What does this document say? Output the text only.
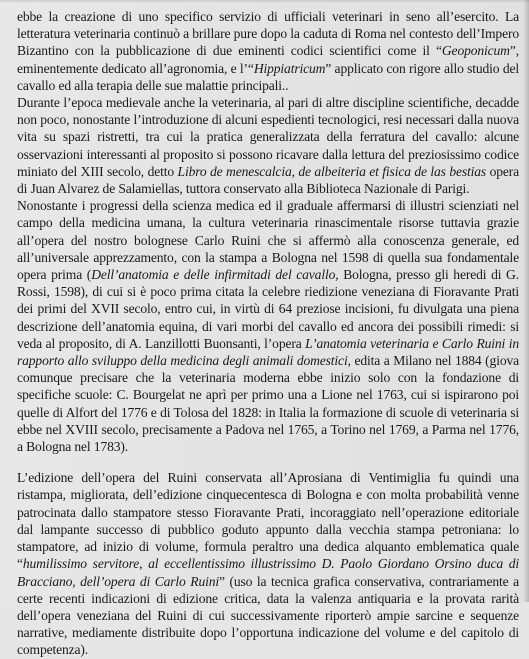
ebbe la creazione di uno specifico servizio di ufficiali veterinari in seno all’esercito. La letteratura veterinaria continuò a brillare pure dopo la caduta di Roma nel contesto dell’Impero Bizantino con la pubblicazione di due eminenti codici scientifici come il “Geoponicum”, eminentemente dedicato all’agronomia, e l’“Hippiatricum” applicato con rigore allo studio del cavallo ed alla terapia delle sue malattie principali..

Durante l’epoca medievale anche la veterinaria, al pari di altre discipline scientifiche, decadde non poco, nonostante l’introduzione di alcuni espedienti tecnologici, resi necessari dalla nuova vita su spazi ristretti, tra cui la pratica generalizzata della ferratura del cavallo: alcune osservazioni interessanti al proposito si possono ricavare dalla lettura del preziosissimo codice miniato del XIII secolo, detto Libro de menescalcia, de albeiteria et fisica de las bestias opera di Juan Alvarez de Salamiellas, tuttora conservato alla Biblioteca Nazionale di Parigi.

Nonostante i progressi della scienza medica ed il graduale affermarsi di illustri scienziati nel campo della medicina umana, la cultura veterinaria rinascimentale risorse tuttavia grazie all’opera del nostro bolognese Carlo Ruini che si affermò alla conoscenza generale, ed all’universale apprezzamento, con la stampa a Bologna nel 1598 di quella sua fondamentale opera prima (Dell’anatomia e delle infirmitadi del cavallo, Bologna, presso gli heredi di G. Rossi, 1598), di cui si è poco prima citata la celebre riedizione veneziana di Fioravante Prati dei primi del XVII secolo, entro cui, in virtù di 64 preziose incisioni, fu divulgata una piena descrizione dell’anatomia equina, di vari morbi del cavallo ed ancora dei possibili rimedi: si veda al proposito, di A. Lanzillotti Buonsanti, l’opera L’anatomia veterinaria e Carlo Ruini in rapporto allo sviluppo della medicina degli animali domestici, edita a Milano nel 1884 (giova comunque precisare che la veterinaria moderna ebbe inizio solo con la fondazione di specifiche scuole: C. Bourgelat ne aprì per primo una a Lione nel 1763, cui si ispirarono poi quelle di Alfort del 1776 e di Tolosa del 1828: in Italia la formazione di scuole di veterinaria si ebbe nel XVIII secolo, precisamente a Padova nel 1765, a Torino nel 1769, a Parma nel 1776, a Bologna nel 1783).

L’edizione dell’opera del Ruini conservata all’Aprosiana di Ventimiglia fu quindi una ristampa, migliorata, dell’edizione cinquecentesca di Bologna e con molta probabilità venne patrocinata dallo stampatore stesso Fioravante Prati, incoraggiato nell’operazione editoriale dal lampante successo di pubblico goduto appunto dalla vecchia stampa petroniana: lo stampatore, ad inizio di volume, formula peraltro una dedica alquanto emblematica quale “humilissimo servitore, al eccellentissimo illustrissimo D. Paolo Giordano Orsino duca di Bracciano, dell’opera di Carlo Ruini” (uso la tecnica grafica conservativa, contrariamente a certe recenti indicazioni di edizione critica, data la valenza antiquaria e la provata rarità dell’opera veneziana del Ruini di cui successivamente riporterò ampie sarcine e sequenze narrative, mediamente distribuite dopo l’opportuna indicazione del volume e del capitolo di competenza).
